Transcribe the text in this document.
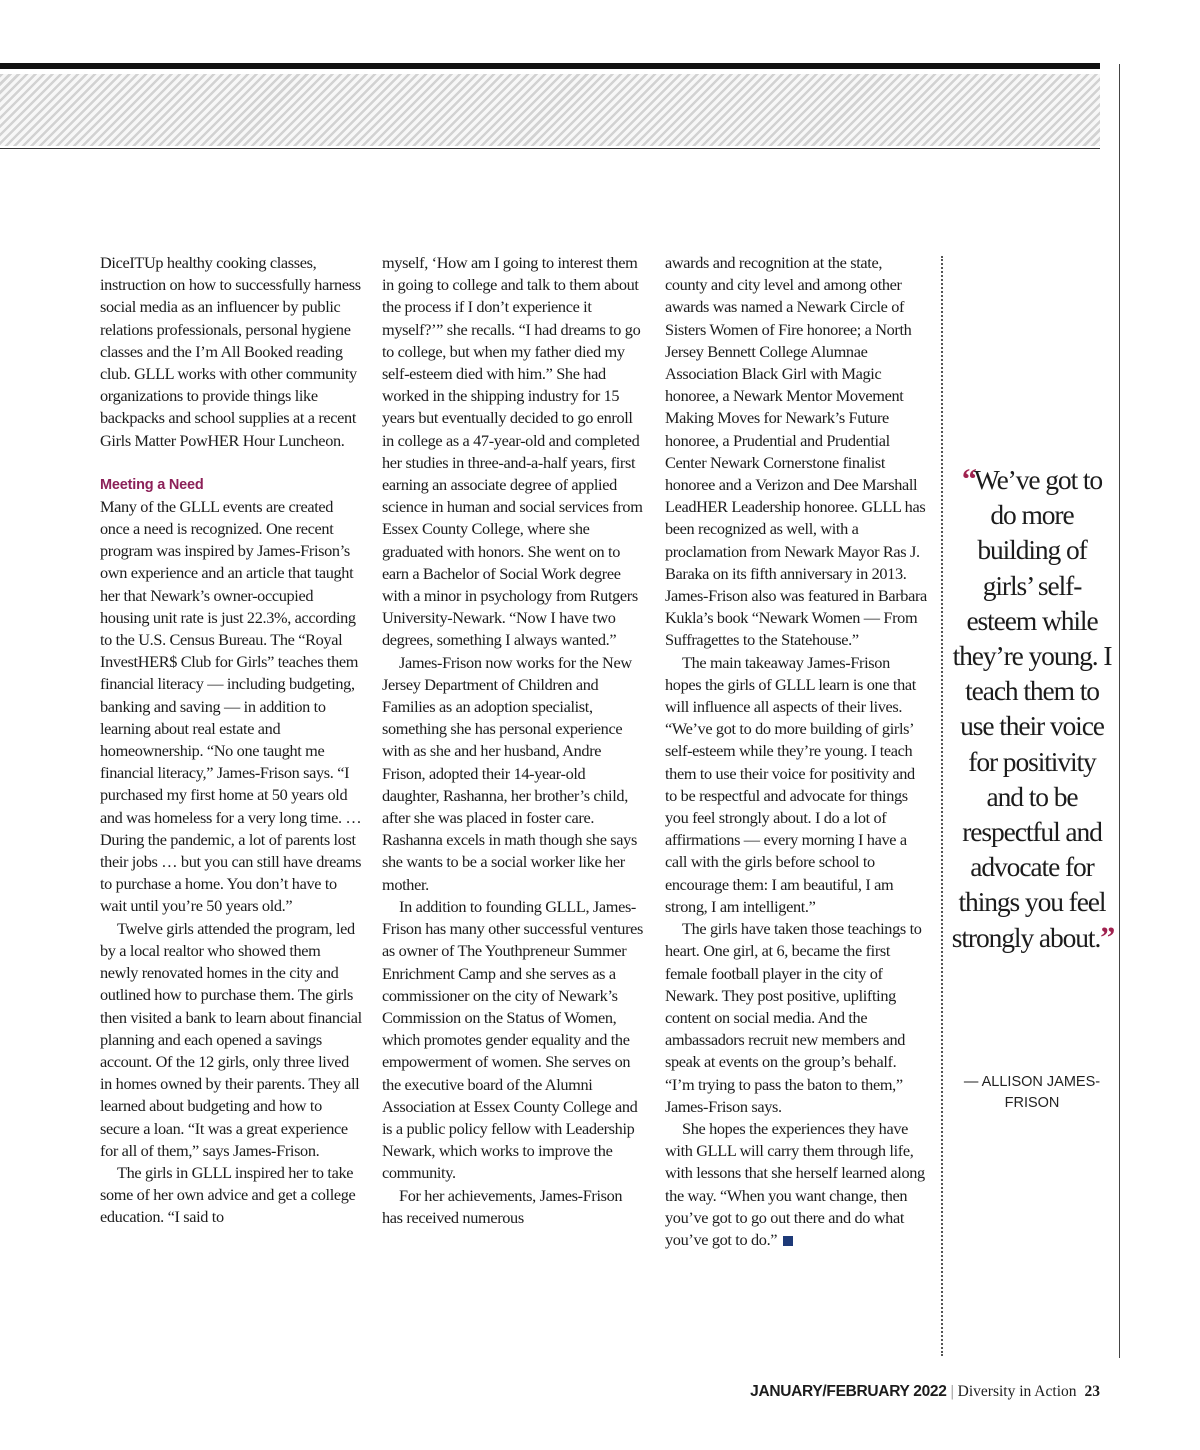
DiceITUp healthy cooking classes, instruction on how to successfully harness social media as an influencer by public relations professionals, personal hygiene classes and the I’m All Booked reading club. GLLL works with other community organizations to provide things like backpacks and school supplies at a recent Girls Matter PowHER Hour Luncheon.

Meeting a Need

Many of the GLLL events are created once a need is recognized. One recent program was inspired by James-Frison’s own experience and an article that taught her that Newark’s owner-occupied housing unit rate is just 22.3%, according to the U.S. Census Bureau. The “Royal InvestHER$ Club for Girls” teaches them financial literacy — including budgeting, banking and saving — in addition to learning about real estate and homeownership. “No one taught me financial literacy,” James-Frison says. “I purchased my first home at 50 years old and was homeless for a very long time. … During the pandemic, a lot of parents lost their jobs … but you can still have dreams to purchase a home. You don’t have to wait until you’re 50 years old.”

Twelve girls attended the program, led by a local realtor who showed them newly renovated homes in the city and outlined how to purchase them. The girls then visited a bank to learn about financial planning and each opened a savings account. Of the 12 girls, only three lived in homes owned by their parents. They all learned about budgeting and how to secure a loan. “It was a great experience for all of them,” says James-Frison.

The girls in GLLL inspired her to take some of her own advice and get a college education. “I said to

myself, ‘How am I going to interest them in going to college and talk to them about the process if I don’t experience it myself?’” she recalls. “I had dreams to go to college, but when my father died my self-esteem died with him.” She had worked in the shipping industry for 15 years but eventually decided to go enroll in college as a 47-year-old and completed her studies in three-and-a-half years, first earning an associate degree of applied science in human and social services from Essex County College, where she graduated with honors. She went on to earn a Bachelor of Social Work degree with a minor in psychology from Rutgers University-Newark. “Now I have two degrees, something I always wanted.”

James-Frison now works for the New Jersey Department of Children and Families as an adoption specialist, something she has personal experience with as she and her husband, Andre Frison, adopted their 14-year-old daughter, Rashanna, her brother’s child, after she was placed in foster care. Rashanna excels in math though she says she wants to be a social worker like her mother.

In addition to founding GLLL, James-Frison has many other successful ventures as owner of The Youthpreneur Summer Enrichment Camp and she serves as a commissioner on the city of Newark’s Commission on the Status of Women, which promotes gender equality and the empowerment of women. She serves on the executive board of the Alumni Association at Essex County College and is a public policy fellow with Leadership Newark, which works to improve the community.

For her achievements, James-Frison has received numerous

awards and recognition at the state, county and city level and among other awards was named a Newark Circle of Sisters Women of Fire honoree; a North Jersey Bennett College Alumnae Association Black Girl with Magic honoree, a Newark Mentor Movement Making Moves for Newark’s Future honoree, a Prudential and Prudential Center Newark Cornerstone finalist honoree and a Verizon and Dee Marshall LeadHER Leadership honoree. GLLL has been recognized as well, with a proclamation from Newark Mayor Ras J. Baraka on its fifth anniversary in 2013. James-Frison also was featured in Barbara Kukla’s book “Newark Women — From Suffragettes to the Statehouse.”

The main takeaway James-Frison hopes the girls of GLLL learn is one that will influence all aspects of their lives. “We’ve got to do more building of girls’ self-esteem while they’re young. I teach them to use their voice for positivity and to be respectful and advocate for things you feel strongly about. I do a lot of affirmations — every morning I have a call with the girls before school to encourage them: I am beautiful, I am strong, I am intelligent.”

The girls have taken those teachings to heart. One girl, at 6, became the first female football player in the city of Newark. They post positive, uplifting content on social media. And the ambassadors recruit new members and speak at events on the group’s behalf. “I’m trying to pass the baton to them,” James-Frison says.

She hopes the experiences they have with GLLL will carry them through life, with lessons that she herself learned along the way. “When you want change, then you’ve got to go out there and do what you’ve got to do.”

“We’ve got to do more building of girls’ self-esteem while they’re young. I teach them to use their voice for positivity and to be respectful and advocate for things you feel strongly about.”
— ALLISON JAMES-FRISON
JANUARY/FEBRUARY 2022 | Diversity in Action 23
